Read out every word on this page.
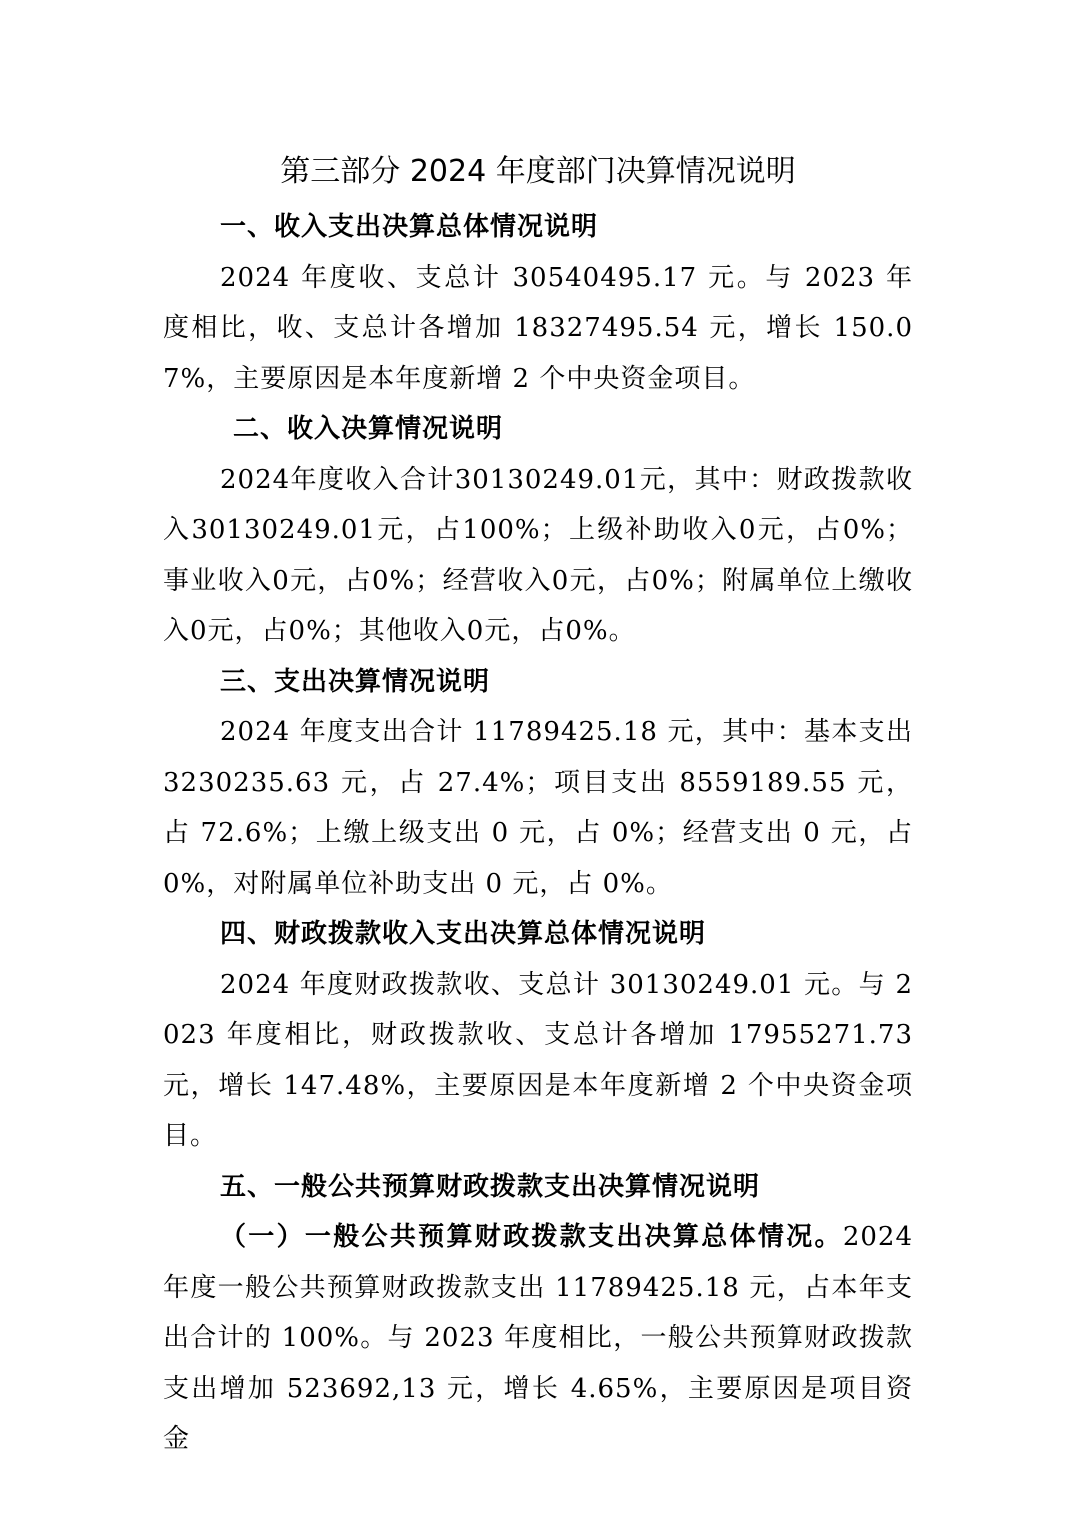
第三部分 2024 年度部门决算情况说明
一、收入支出决算总体情况说明

2024 年度收、支总计 30540495.17 元。与 2023 年度相比，收、支总计各增加 18327495.54 元，增长 150.07%，主要原因是本年度新增 2 个中央资金项目。

二、收入决算情况说明

2024年度收入合计30130249.01元，其中：财政拨款收入30130249.01元，占100%；上级补助收入0元，占0%；事业收入0元，占0%；经营收入0元，占0%；附属单位上缴收入0元，占0%；其他收入0元，占0%。

三、支出决算情况说明

2024 年度支出合计 11789425.18 元，其中：基本支出 3230235.63 元，占 27.4%；项目支出 8559189.55 元，占 72.6%；上缴上级支出 0 元，占 0%；经营支出 0 元，占 0%，对附属单位补助支出 0 元，占 0%。

四、财政拨款收入支出决算总体情况说明

2024 年度财政拨款收、支总计 30130249.01 元。与 2023 年度相比，财政拨款收、支总计各增加 17955271.73 元，增长 147.48%，主要原因是本年度新增 2 个中央资金项目。

五、一般公共预算财政拨款支出决算情况说明

（一）一般公共预算财政拨款支出决算总体情况。2024 年度一般公共预算财政拨款支出 11789425.18 元，占本年支出合计的 100%。与 2023 年度相比，一般公共预算财政拨款支出增加 523692,13 元，增长 4.65%，主要原因是项目资金
